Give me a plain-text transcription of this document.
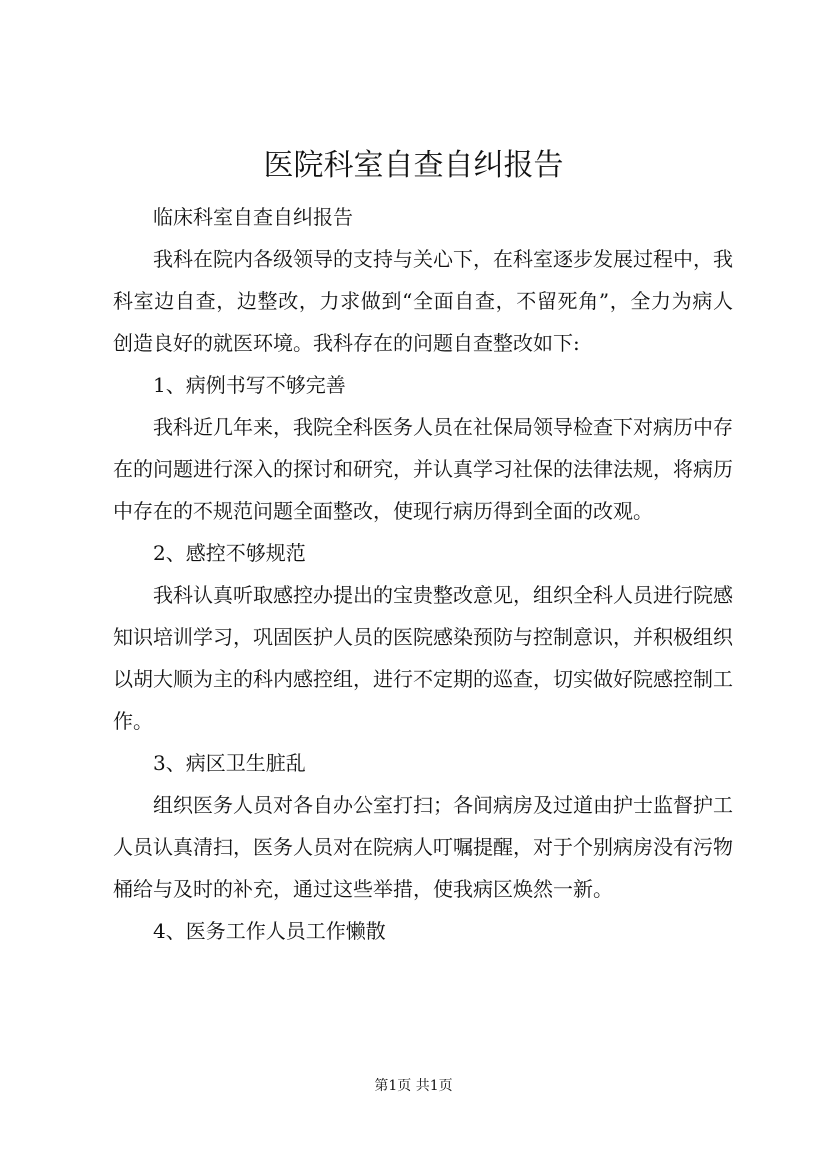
医院科室自查自纠报告

临床科室自查自纠报告

我科在院内各级领导的支持与关心下，在科室逐步发展过程中，我科室边自查，边整改，力求做到“全面自查，不留死角”，全力为病人创造良好的就医环境。我科存在的问题自查整改如下:

1、病例书写不够完善

我科近几年来，我院全科医务人员在社保局领导检查下对病历中存在的问题进行深入的探讨和研究，并认真学习社保的法律法规，将病历中存在的不规范问题全面整改，使现行病历得到全面的改观。

2、感控不够规范

我科认真听取感控办提出的宝贵整改意见，组织全科人员进行院感知识培训学习，巩固医护人员的医院感染预防与控制意识，并积极组织以胡大顺为主的科内感控组，进行不定期的巡查，切实做好院感控制工作。

3、病区卫生脏乱

组织医务人员对各自办公室打扫；各间病房及过道由护士监督护工人员认真清扫，医务人员对在院病人叮嘱提醒，对于个别病房没有污物桶给与及时的补充，通过这些举措，使我病区焕然一新。

4、医务工作人员工作懒散

第1页 共1页
